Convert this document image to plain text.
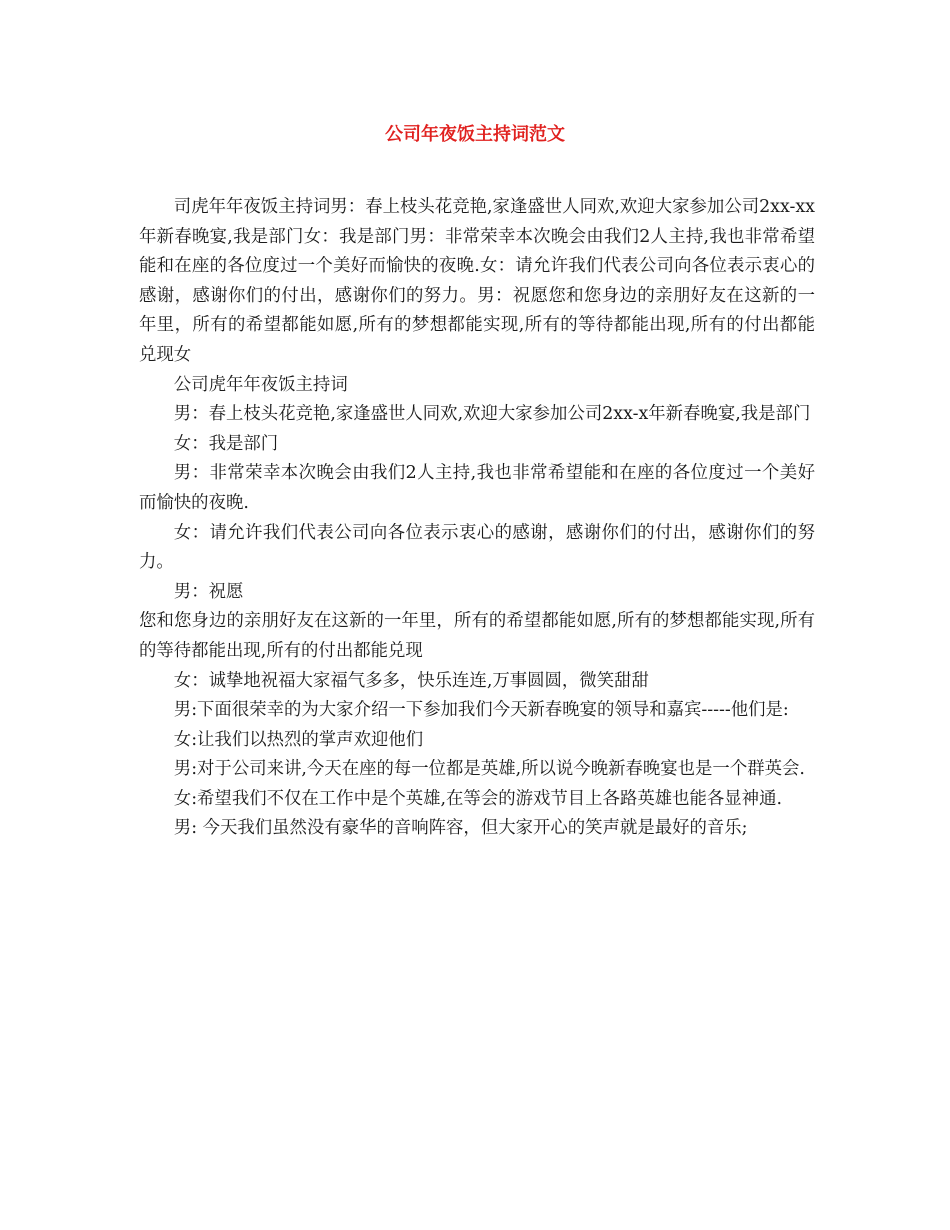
公司年夜饭主持词范文

司虎年年夜饭主持词男：春上枝头花竞艳,家逢盛世人同欢,欢迎大家参加公司2xx-xx年新春晚宴,我是部门女：我是部门男：非常荣幸本次晚会由我们2人主持,我也非常希望能和在座的各位度过一个美好而愉快的夜晚.女：请允许我们代表公司向各位表示衷心的感谢，感谢你们的付出，感谢你们的努力。男：祝愿您和您身边的亲朋好友在这新的一年里，所有的希望都能如愿,所有的梦想都能实现,所有的等待都能出现,所有的付出都能兑现女

公司虎年年夜饭主持词

男：春上枝头花竞艳,家逢盛世人同欢,欢迎大家参加公司2xx-x年新春晚宴,我是部门

女：我是部门

男：非常荣幸本次晚会由我们2人主持,我也非常希望能和在座的各位度过一个美好而愉快的夜晚.

女：请允许我们代表公司向各位表示衷心的感谢，感谢你们的付出，感谢你们的努力。

男：祝愿

您和您身边的亲朋好友在这新的一年里，所有的希望都能如愿,所有的梦想都能实现,所有的等待都能出现,所有的付出都能兑现

女：诚挚地祝福大家福气多多，快乐连连,万事圆圆，微笑甜甜

男:下面很荣幸的为大家介绍一下参加我们今天新春晚宴的领导和嘉宾-----他们是:

女:让我们以热烈的掌声欢迎他们

男:对于公司来讲,今天在座的每一位都是英雄,所以说今晚新春晚宴也是一个群英会.

女:希望我们不仅在工作中是个英雄,在等会的游戏节目上各路英雄也能各显神通.

男: 今天我们虽然没有豪华的音响阵容，但大家开心的笑声就是最好的音乐;
